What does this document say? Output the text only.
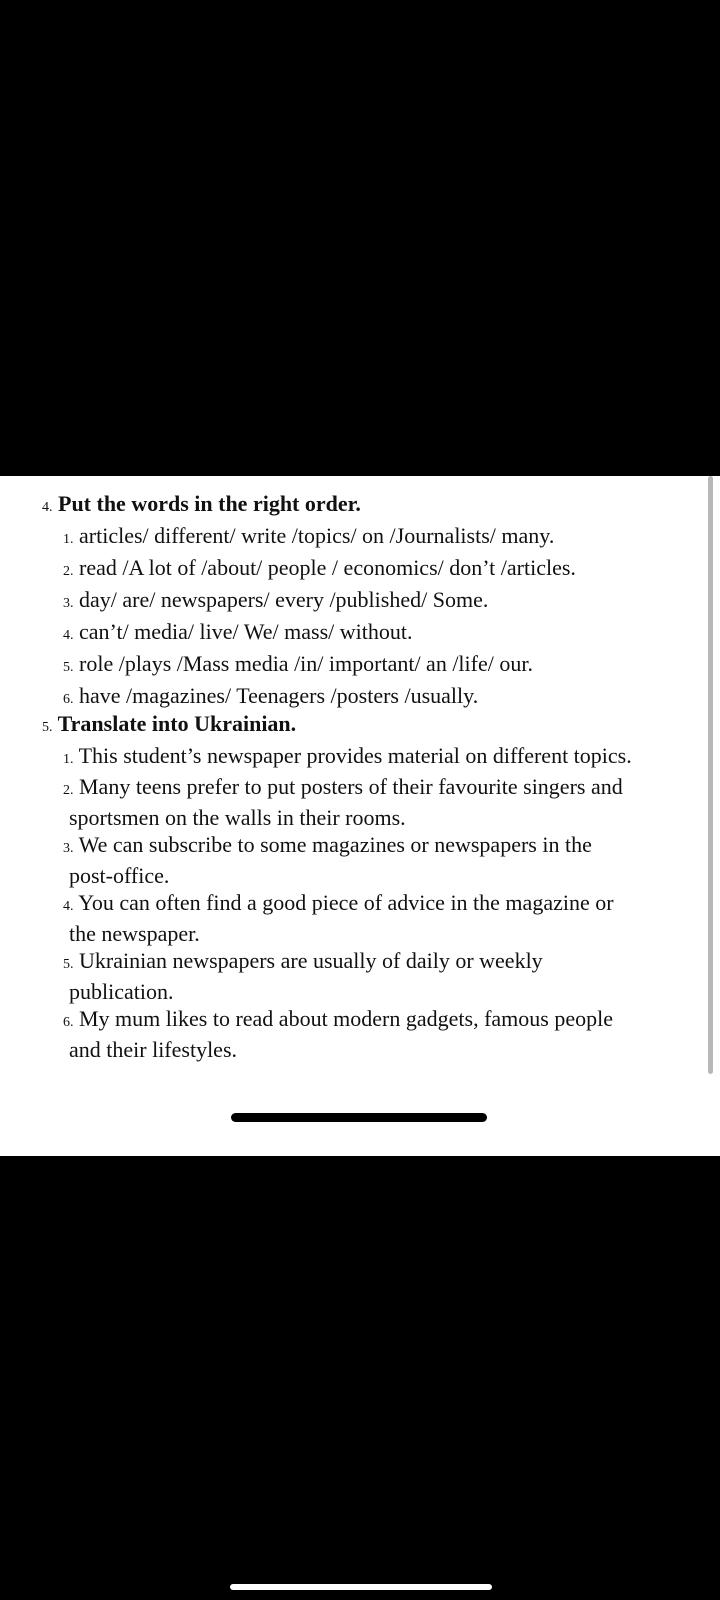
4. Put the words in the right order.
1. articles/ different/ write /topics/ on /Journalists/ many.
2. read /A lot of /about/ people / economics/ don’t /articles.
3. day/ are/ newspapers/ every /published/ Some.
4. can’t/ media/ live/ We/ mass/ without.
5. role /plays /Mass media /in/ important/ an /life/ our.
6. have /magazines/ Teenagers /posters /usually.
5. Translate into Ukrainian.
1. This student’s newspaper provides material on different topics.
2. Many teens prefer to put posters of their favourite singers and
sportsmen on the walls in their rooms.
3. We can subscribe to some magazines or newspapers in the
post-office.
4. You can often find a good piece of advice in the magazine or
the newspaper.
5. Ukrainian newspapers are usually of daily or weekly
publication.
6. My mum likes to read about modern gadgets, famous people
and their lifestyles.
